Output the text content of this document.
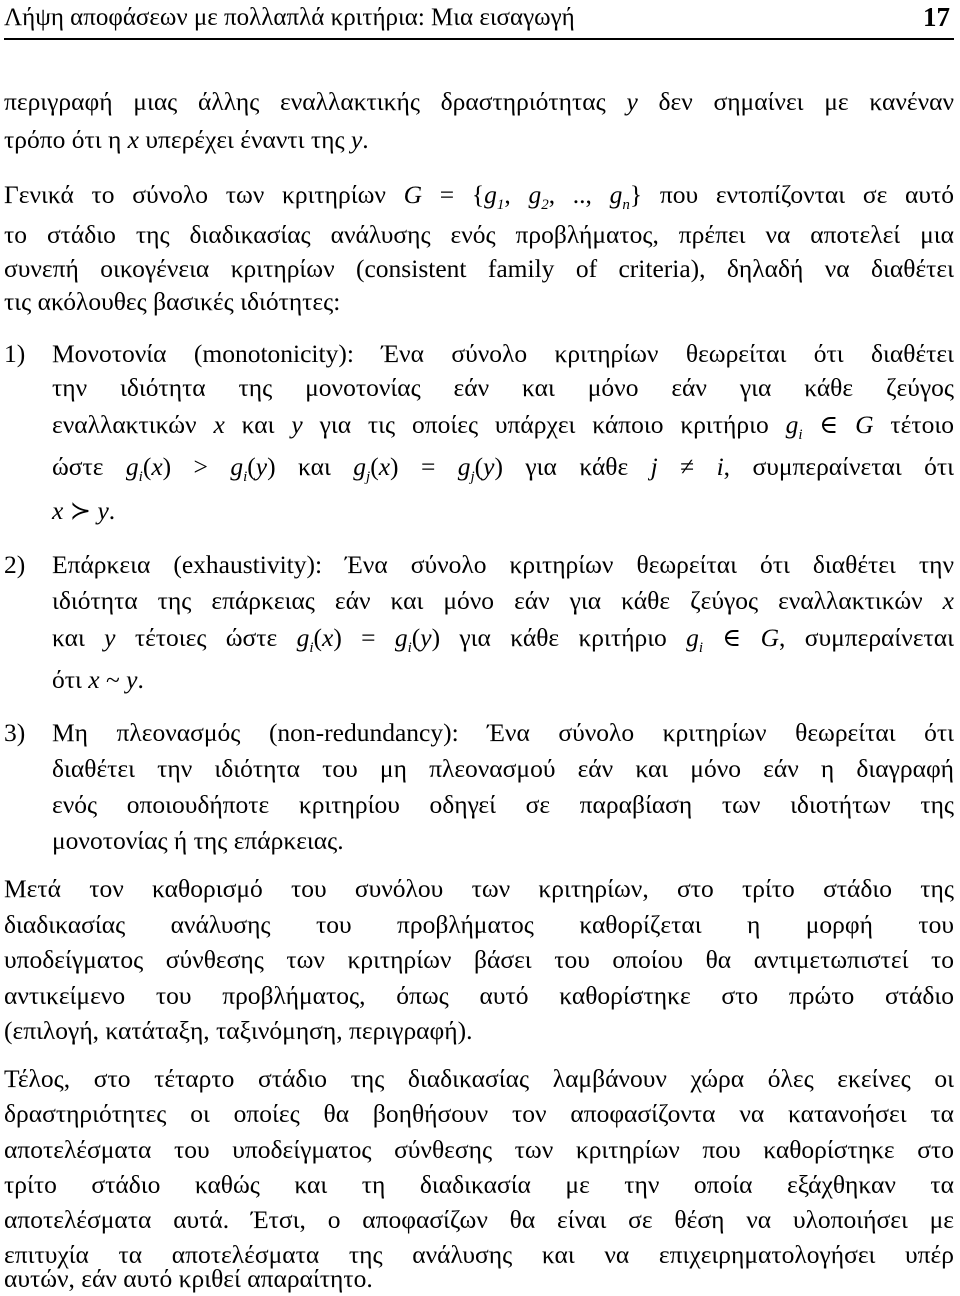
Λήψη αποφάσεων με πολλαπλά κριτήρια: Μια εισαγωγή	17
περιγραφή μιας άλλης εναλλακτικής δραστηριότητας y δεν σημαίνει με κανέναν
τρόπο ότι η x υπερέχει έναντι της y.
Γενικά το σύνολο των κριτηρίων $G = \{g_1$, $g_2$, .., $g_n$} που εντοπίζονται σε αυτό
το στάδιο της διαδικασίας ανάλυσης ενός προβλήματος, πρέπει να αποτελεί μια
συνεπή οικογένεια κριτηρίων (consistent family of criteria), δηλαδή να διαθέτει
τις ακόλουθες βασικές ιδιότητες:
1) Μονοτονία (monotonicity): Ένα σύνολο κριτηρίων θεωρείται ότι διαθέτει
την ιδιότητα της μονοτονίας εάν και μόνο εάν για κάθε ζεύγος
εναλλακτικών x και y για τις οποίες υπάρχει κάποιο κριτήριο $g_i$ ∈ G τέτοιο
ώστε $g_i(x) > g_i(y)$ και $g_j(x) = g_j(y)$ για κάθε j ≠ i, συμπεραίνεται ότι
x ≻ y.
2) Επάρκεια (exhaustivity): Ένα σύνολο κριτηρίων θεωρείται ότι διαθέτει την
ιδιότητα της επάρκειας εάν και μόνο εάν για κάθε ζεύγος εναλλακτικών x
και y τέτοιες ώστε $g_i(x) = g_i(y)$ για κάθε κριτήριο $g_i$ ∈ G, συμπεραίνεται
ότι x ~ y.
3) Μη πλεονασμός (non-redundancy): Ένα σύνολο κριτηρίων θεωρείται ότι
διαθέτει την ιδιότητα του μη πλεονασμού εάν και μόνο εάν η διαγραφή
ενός οποιουδήποτε κριτηρίου οδηγεί σε παραβίαση των ιδιοτήτων της
μονοτονίας ή της επάρκειας.
Μετά τον καθορισμό του συνόλου των κριτηρίων, στο τρίτο στάδιο της
διαδικασίας ανάλυσης του προβλήματος καθορίζεται η μορφή του
υποδείγματος σύνθεσης των κριτηρίων βάσει του οποίου θα αντιμετωπιστεί το
αντικείμενο του προβλήματος, όπως αυτό καθορίστηκε στο πρώτο στάδιο
(επιλογή, κατάταξη, ταξινόμηση, περιγραφή).
Τέλος, στο τέταρτο στάδιο της διαδικασίας λαμβάνουν χώρα όλες εκείνες οι
δραστηριότητες οι οποίες θα βοηθήσουν τον αποφασίζοντα να κατανοήσει τα
αποτελέσματα του υποδείγματος σύνθεσης των κριτηρίων που καθορίστηκε στο
τρίτο στάδιο καθώς και τη διαδικασία με την οποία εξάχθηκαν τα
αποτελέσματα αυτά. Έτσι, ο αποφασίζων θα είναι σε θέση να υλοποιήσει με
επιτυχία τα αποτελέσματα της ανάλυσης και να επιχειρηματολογήσει υπέρ
αυτών, εάν αυτό κριθεί απαραίτητο.
